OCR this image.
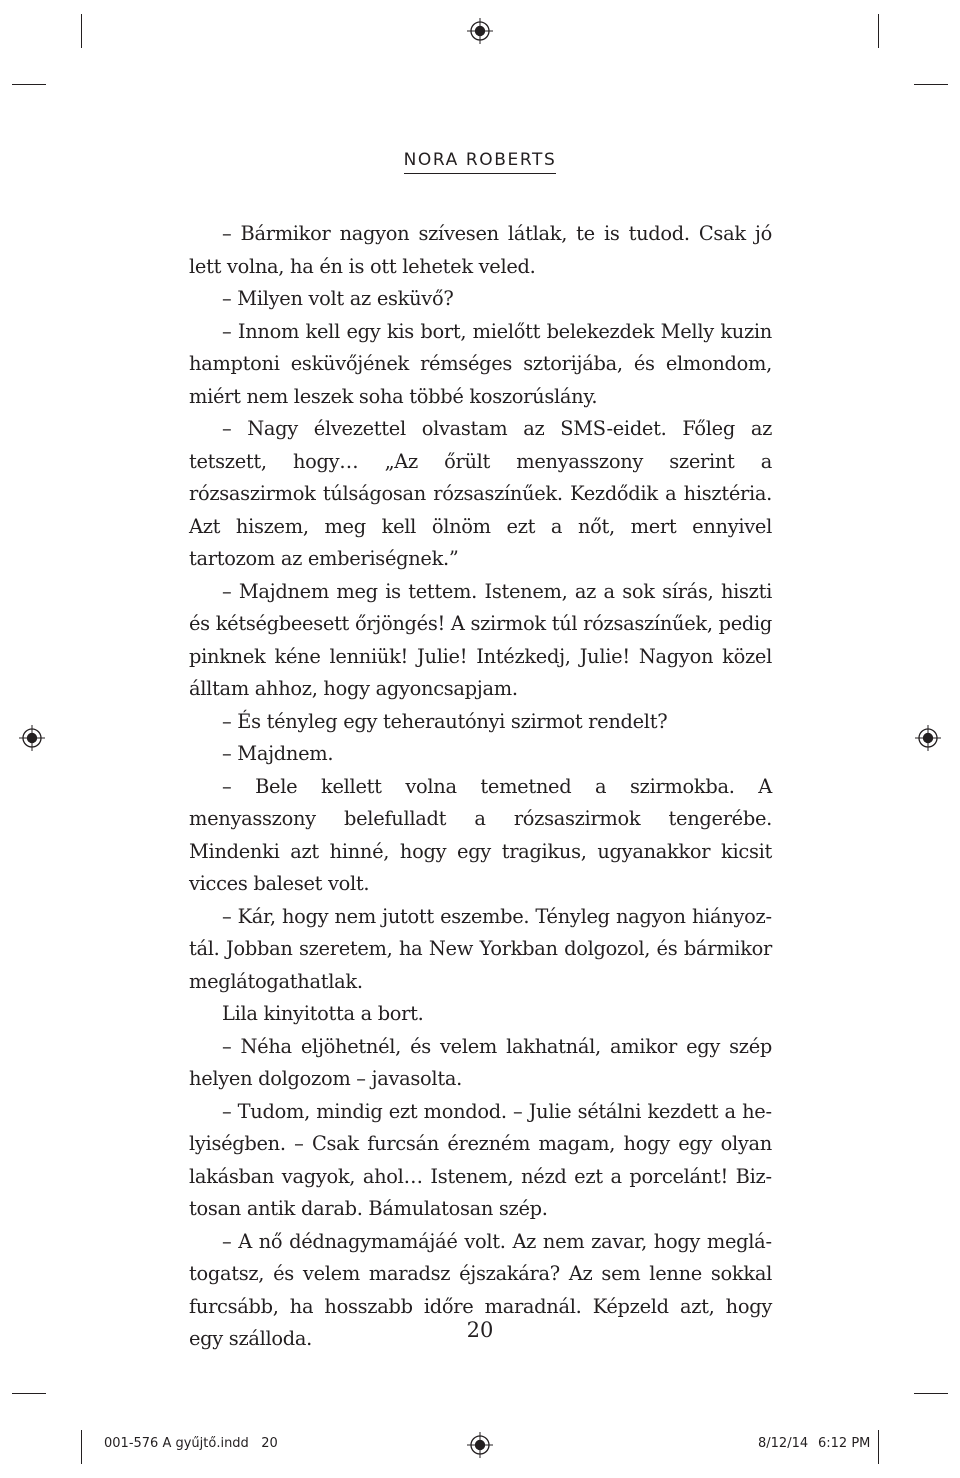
NORA ROBERTS

– Bármikor nagyon szívesen látlak, te is tudod. Csak jó lett volna, ha én is ott lehetek veled.

– Milyen volt az esküvő?

– Innom kell egy kis bort, mielőtt belekezdek Melly kuzin hamptoni esküvőjének rémséges sztorijába, és elmondom, miért nem leszek soha többé koszorúslány.

– Nagy élvezettel olvastam az SMS-eidet. Főleg az tetszett, hogy… „Az őrült menyasszony szerint a rózsaszirmok túlságosan rózsaszínűek. Kezdődik a hisztéria. Azt hiszem, meg kell ölnöm ezt a nőt, mert ennyivel tartozom az emberiségnek.”

– Majdnem meg is tettem. Istenem, az a sok sírás, hiszti és kétségbeesett őrjöngés! A szirmok túl rózsaszínűek, pedig pinknek kéne lenniük! Julie! Intézkedj, Julie! Nagyon közel álltam ahhoz, hogy agyoncsapjam.

– És tényleg egy teherautónyi szirmot rendelt?

– Majdnem.

– Bele kellett volna temetned a szirmokba. A menyasszony belefulladt a rózsaszirmok tengerébe. Mindenki azt hinné, hogy egy tragikus, ugyanakkor kicsit vicces baleset volt.

– Kár, hogy nem jutott eszembe. Tényleg nagyon hiányoztál. Jobban szeretem, ha New Yorkban dolgozol, és bármikor meglátogathatlak.

Lila kinyitotta a bort.

– Néha eljöhetnél, és velem lakhatnál, amikor egy szép helyen dolgozom – javasolta.

– Tudom, mindig ezt mondod. – Julie sétálni kezdett a helyiségben. – Csak furcsán érezném magam, hogy egy olyan lakásban vagyok, ahol… Istenem, nézd ezt a porcelánt! Biztosan antik darab. Bámulatosan szép.

– A nő dédnagymamájáé volt. Az nem zavar, hogy meglátogatsz, és velem maradsz éjszakára? Az sem lenne sokkal furcsább, ha hosszabb időre maradnál. Képzeld azt, hogy egy szálloda.	20
001-576 A gyűjtő.indd   20	8/12/14 6:12 PM
